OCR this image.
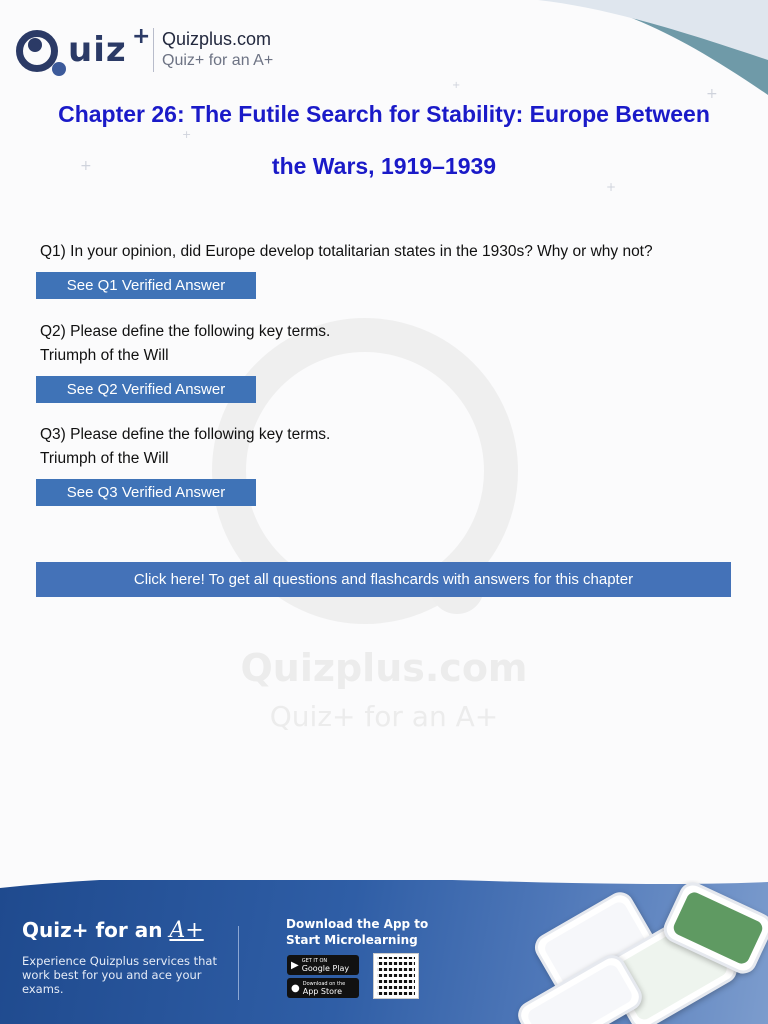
uiz + Quizplus.com
Quiz+ for an A+
+
+
+
+
+
Quizplus.com
Quiz+ for an A+
Chapter 26: The Futile Search for Stability: Europe Between
the Wars, 1919–1939
Q1) In your opinion, did Europe develop totalitarian states in the 1930s? Why or why not?
See Q1 Verified Answer
Q2) Please define the following key terms.
Triumph of the Will
See Q2 Verified Answer
Q3) Please define the following key terms.
Triumph of the Will
See Q3 Verified Answer
Click here! To get all questions and flashcards with answers for this chapter
Quiz+ for an A+
Experience Quizplus services that work best for you and ace your exams.
Download the App to
Start Microlearning
▶ GET IT ON
Google Play
● Download on the
App Store
